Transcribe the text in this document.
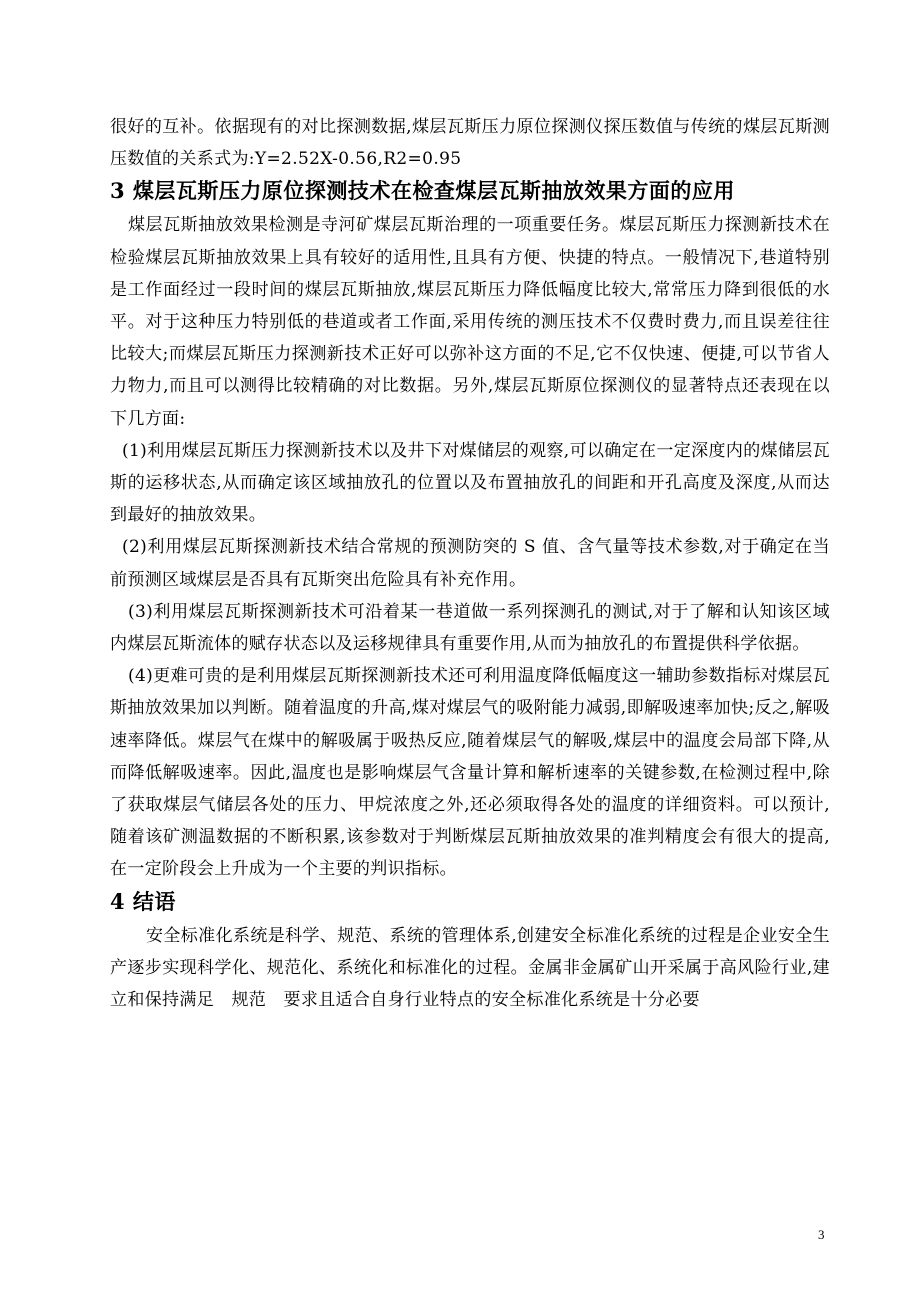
很好的互补。依据现有的对比探测数据,煤层瓦斯压力原位探测仪探压数值与传统的煤层瓦斯测压数值的关系式为:Y=2.52X-0.56,R2=0.95

3 煤层瓦斯压力原位探测技术在检查煤层瓦斯抽放效果方面的应用

煤层瓦斯抽放效果检测是寺河矿煤层瓦斯治理的一项重要任务。煤层瓦斯压力探测新技术在检验煤层瓦斯抽放效果上具有较好的适用性,且具有方便、快捷的特点。一般情况下,巷道特别是工作面经过一段时间的煤层瓦斯抽放,煤层瓦斯压力降低幅度比较大,常常压力降到很低的水平。对于这种压力特别低的巷道或者工作面,采用传统的测压技术不仅费时费力,而且误差往往比较大;而煤层瓦斯压力探测新技术正好可以弥补这方面的不足,它不仅快速、便捷,可以节省人力物力,而且可以测得比较精确的对比数据。另外,煤层瓦斯原位探测仪的显著特点还表现在以下几方面:

(1)利用煤层瓦斯压力探测新技术以及井下对煤储层的观察,可以确定在一定深度内的煤储层瓦斯的运移状态,从而确定该区域抽放孔的位置以及布置抽放孔的间距和开孔高度及深度,从而达到最好的抽放效果。

(2)利用煤层瓦斯探测新技术结合常规的预测防突的 S 值、含气量等技术参数,对于确定在当前预测区域煤层是否具有瓦斯突出危险具有补充作用。

(3)利用煤层瓦斯探测新技术可沿着某一巷道做一系列探测孔的测试,对于了解和认知该区域内煤层瓦斯流体的赋存状态以及运移规律具有重要作用,从而为抽放孔的布置提供科学依据。

(4)更难可贵的是利用煤层瓦斯探测新技术还可利用温度降低幅度这一辅助参数指标对煤层瓦斯抽放效果加以判断。随着温度的升高,煤对煤层气的吸附能力减弱,即解吸速率加快;反之,解吸速率降低。煤层气在煤中的解吸属于吸热反应,随着煤层气的解吸,煤层中的温度会局部下降,从而降低解吸速率。因此,温度也是影响煤层气含量计算和解析速率的关键参数,在检测过程中,除了获取煤层气储层各处的压力、甲烷浓度之外,还必须取得各处的温度的详细资料。可以预计,随着该矿测温数据的不断积累,该参数对于判断煤层瓦斯抽放效果的准判精度会有很大的提高,在一定阶段会上升成为一个主要的判识指标。

4 结语

安全标准化系统是科学、规范、系统的管理体系,创建安全标准化系统的过程是企业安全生产逐步实现科学化、规范化、系统化和标准化的过程。金属非金属矿山开采属于高风险行业,建立和保持满足　规范　要求且适合自身行业特点的安全标准化系统是十分必要

3
